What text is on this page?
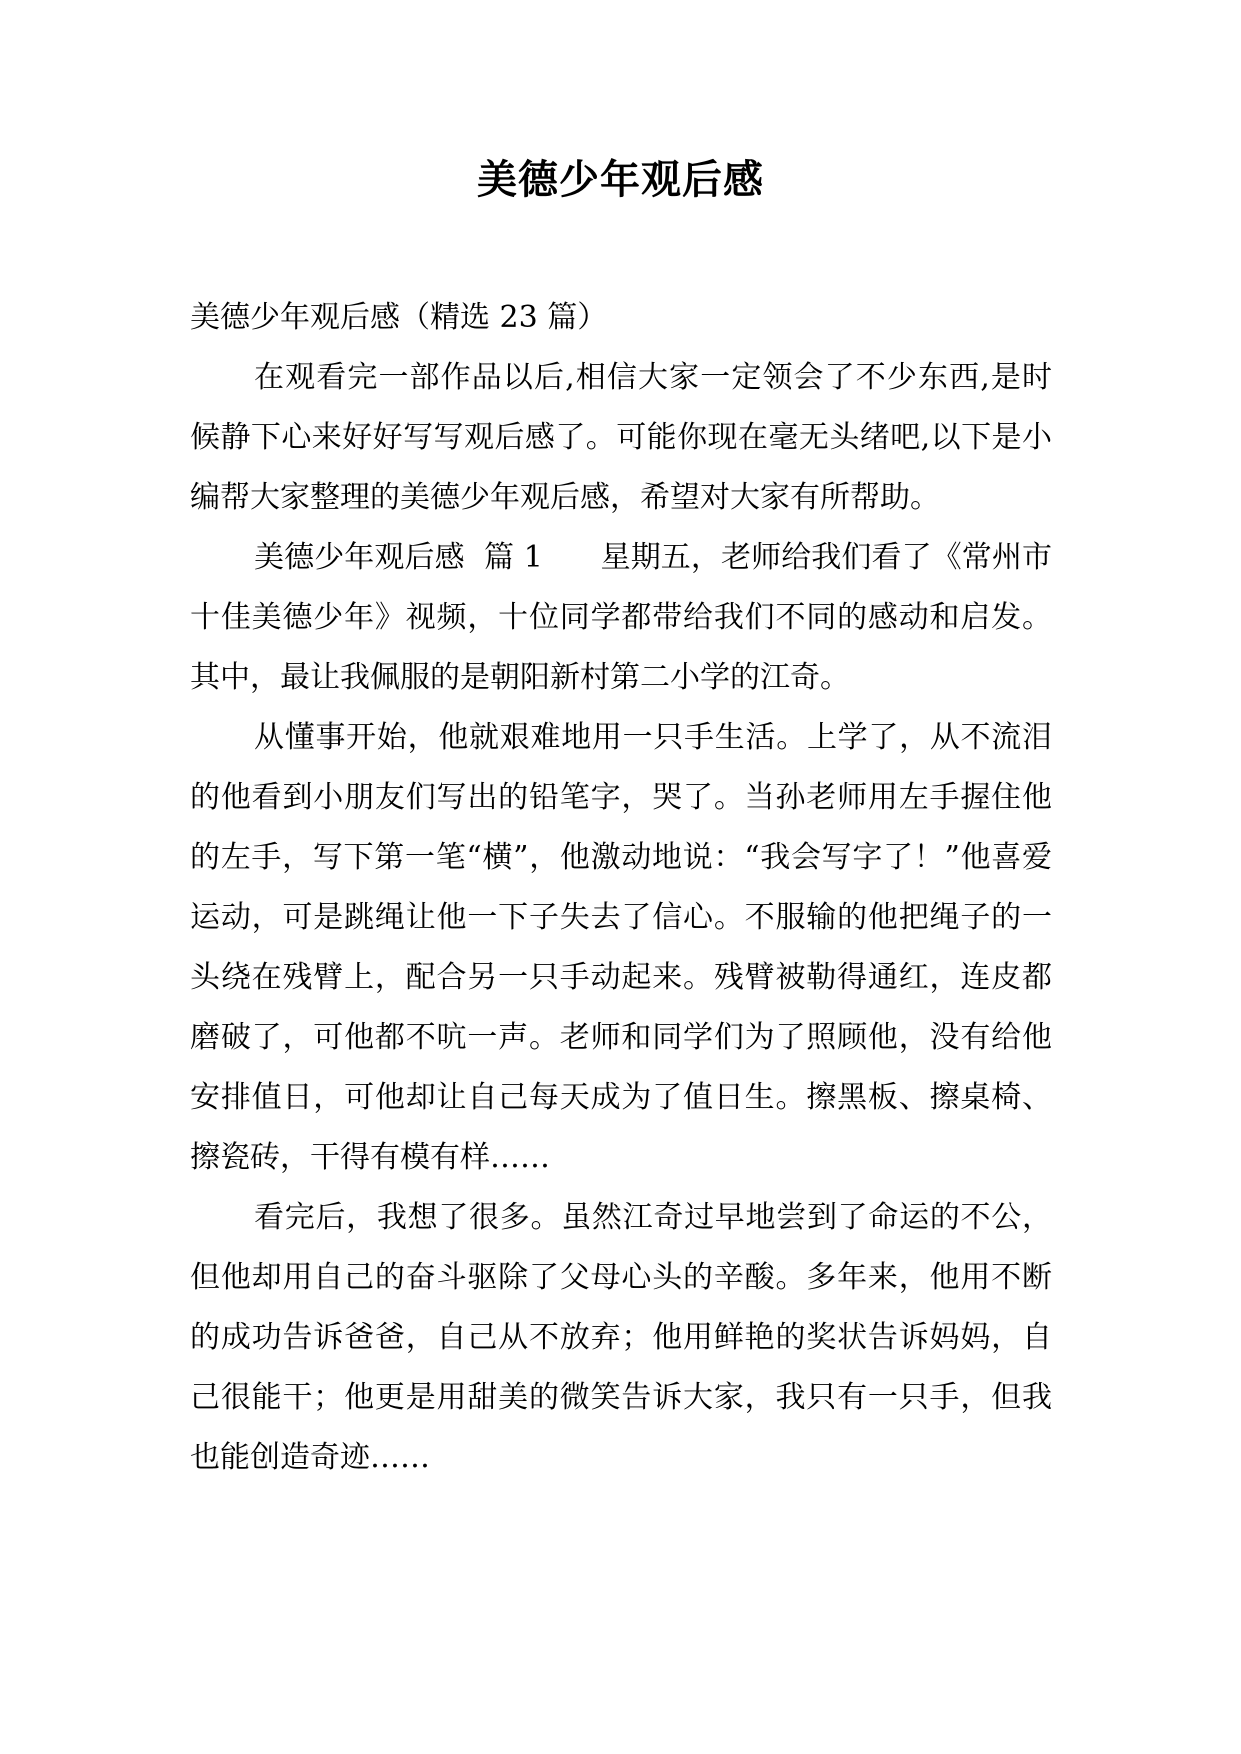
美德少年观后感

美德少年观后感（精选 23 篇）

在观看完一部作品以后,相信大家一定领会了不少东西,是时候静下心来好好写写观后感了。可能你现在毫无头绪吧,以下是小编帮大家整理的美德少年观后感，希望对大家有所帮助。

美德少年观后感  篇 1      星期五，老师给我们看了《常州市十佳美德少年》视频，十位同学都带给我们不同的感动和启发。其中，最让我佩服的是朝阳新村第二小学的江奇。

从懂事开始，他就艰难地用一只手生活。上学了，从不流泪的他看到小朋友们写出的铅笔字，哭了。当孙老师用左手握住他的左手，写下第一笔“横”，他激动地说：“我会写字了！”他喜爱运动，可是跳绳让他一下子失去了信心。不服输的他把绳子的一头绕在残臂上，配合另一只手动起来。残臂被勒得通红，连皮都磨破了，可他都不吭一声。老师和同学们为了照顾他，没有给他安排值日，可他却让自己每天成为了值日生。擦黑板、擦桌椅、擦瓷砖，干得有模有样……

看完后，我想了很多。虽然江奇过早地尝到了命运的不公，但他却用自己的奋斗驱除了父母心头的辛酸。多年来，他用不断的成功告诉爸爸，自己从不放弃；他用鲜艳的奖状告诉妈妈，自己很能干；他更是用甜美的微笑告诉大家，我只有一只手，但我也能创造奇迹……
